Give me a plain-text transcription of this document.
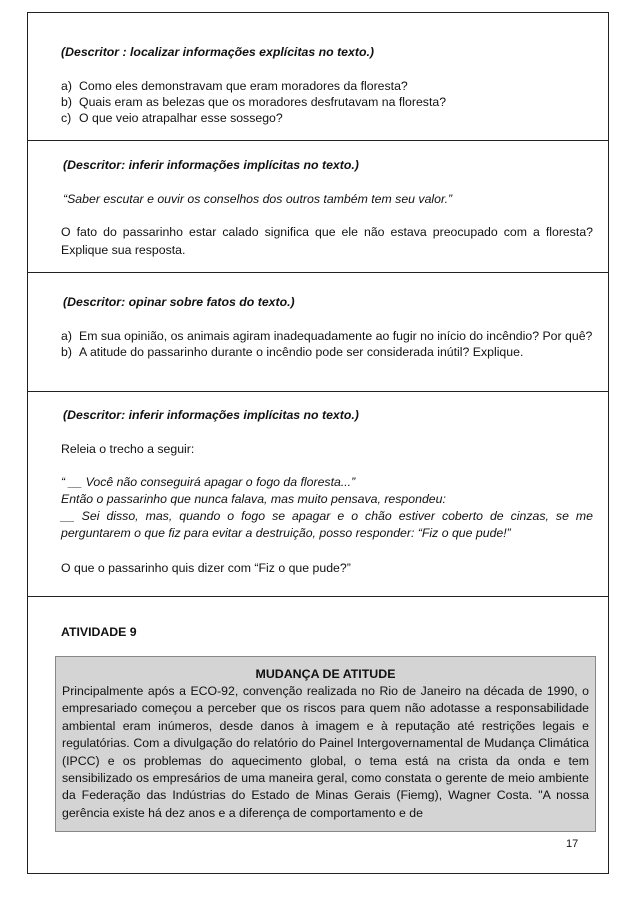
(Descritor : localizar informações explícitas no texto.)
a) Como eles demonstravam que eram moradores da floresta?
b) Quais eram as belezas que os moradores desfrutavam na floresta?
c) O que veio atrapalhar esse sossego?
(Descritor: inferir informações implícitas no texto.)
“Saber escutar e ouvir os conselhos dos outros também tem seu valor.”
O fato do passarinho estar calado significa que ele não estava preocupado com a floresta? Explique sua resposta.
(Descritor: opinar sobre fatos do texto.)
a) Em sua opinião, os animais agiram inadequadamente ao fugir no início do incêndio? Por quê?
b) A atitude do passarinho durante o incêndio pode ser considerada inútil? Explique.
(Descritor: inferir informações implícitas no texto.)
Releia o trecho a seguir:
“ __ Você não conseguirá apagar o fogo da floresta...”
Então o passarinho que nunca falava, mas muito pensava, respondeu:
__ Sei disso, mas, quando o fogo se apagar e o chão estiver coberto de cinzas, se me perguntarem o que fiz para evitar a destruição, posso responder: “Fiz o que pude!”
O que o passarinho quis dizer com “Fiz o que pude?”
ATIVIDADE 9
MUDANÇA DE ATITUDE
Principalmente após a ECO-92, convenção realizada no Rio de Janeiro na década de 1990, o empresariado começou a perceber que os riscos para quem não adotasse a responsabilidade ambiental eram inúmeros, desde danos à imagem e à reputação até restrições legais e regulatórias. Com a divulgação do relatório do Painel Intergovernamental de Mudança Climática (IPCC) e os problemas do aquecimento global, o tema está na crista da onda e tem sensibilizado os empresários de uma maneira geral, como constata o gerente de meio ambiente da Federação das Indústrias do Estado de Minas Gerais (Fiemg), Wagner Costa. "A nossa gerência existe há dez anos e a diferença de comportamento e de
17
